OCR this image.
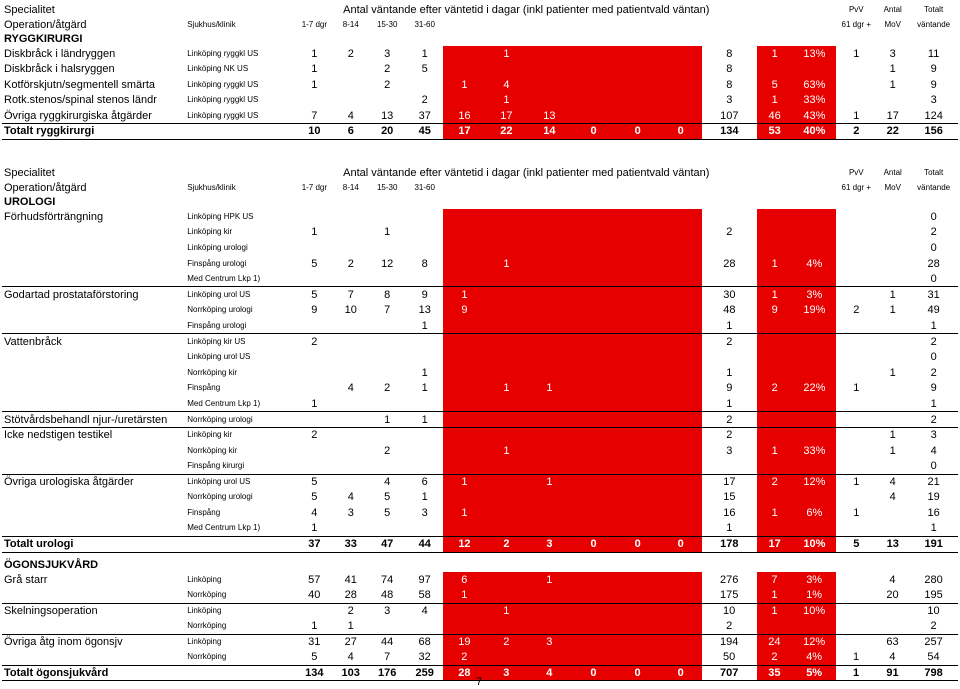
Specialitet		Antal väntande efter väntetid i dagar (inkl patienter med patientvald väntan)											Väntande 61 dgr +		PvV	Antal	Totalt
Operation/åtgärd	Sjukhus/klinik	1-7 dgr	8-14	15-30	31-60	61-90	91-120	121-180	181-365	366-730	731 +	Summa	antal	andel	61 dgr +	MoV	väntande
RYGGKIRURGI																	
Diskbråck i ländryggen	Linköping ryggkl US	1	2	3	1		1					8	1	13%	1	3	11
Diskbråck i halsryggen	Linköping NK US	1		2	5							8				1	9
Kotförskjutn/segmentell smärta	Linköping ryggkl US	1		2		1	4					8	5	63%		1	9
Rotk.stenos/spinal stenos ländr	Linköping ryggkl US				2		1					3	1	33%			3
Övriga ryggkirurgiska åtgärder	Linköping ryggkl US	7	4	13	37	16	17	13				107	46	43%	1	17	124
Totalt ryggkirurgi		10	6	20	45	17	22	14	0	0	0	134	53	40%	2	22	156
Specialitet		Antal väntande efter väntetid i dagar (inkl patienter med patientvald väntan)											Väntande 61 dgr +		PvV	Antal	Totalt
Operation/åtgärd	Sjukhus/klinik	1-7 dgr	8-14	15-30	31-60	61-90	91-120	121-180	181-365	366-730	731 +	Summa	antal	andel	61 dgr +	MoV	väntande
UROLOGI																	
Förhudsförträngning	Linköping HPK US																0
	Linköping kir	1		1								2					2
	Linköping urologi																0
	Finspång urologi	5	2	12	8		1					28	1	4%			28
	Med Centrum Lkp 1)																0
Godartad prostataförstoring	Linköping urol US	5	7	8	9	1						30	1	3%		1	31
	Norrköping urologi	9	10	7	13	9						48	9	19%	2	1	49
	Finspång urologi				1							1					1
Vattenbråck	Linköping kir US	2										2					2
	Linköping urol US																0
	Norrköping kir				1							1				1	2
	Finspång		4	2	1		1	1				9	2	22%	1		9
	Med Centrum Lkp 1)	1										1					1
Stötvårdsbehandl njur-/uretärsten	Norrköping urologi			1	1							2					2
Icke nedstigen testikel	Linköping kir	2										2				1	3
	Norrköping kir			2			1					3	1	33%		1	4
	Finspång kirurgi																0
Övriga urologiska åtgärder	Linköping urol US	5		4	6	1		1				17	2	12%	1	4	21
	Norrköping urologi	5	4	5	1							15				4	19
	Finspång	4	3	5	3	1						16	1	6%	1		16
	Med Centrum Lkp 1)	1										1					1
Totalt urologi		37	33	47	44	12	2	3	0	0	0	178	17	10%	5	13	191
ÖGONSJUKVÅRD																	
Grå starr	Linköping	57	41	74	97	6		1				276	7	3%		4	280
	Norrköping	40	28	48	58	1						175	1	1%		20	195
Skelningsoperation	Linköping		2	3	4		1					10	1	10%			10
	Norrköping	1	1									2					2
Övriga åtg inom ögonsjv	Linköping	31	27	44	68	19	2	3				194	24	12%		63	257
	Norrköping	5	4	7	32	2						50	2	4%	1	4	54
Totalt ögonsjukvård		134	103	176	259	28	3	4	0	0	0	707	35	5%	1	91	798
7
